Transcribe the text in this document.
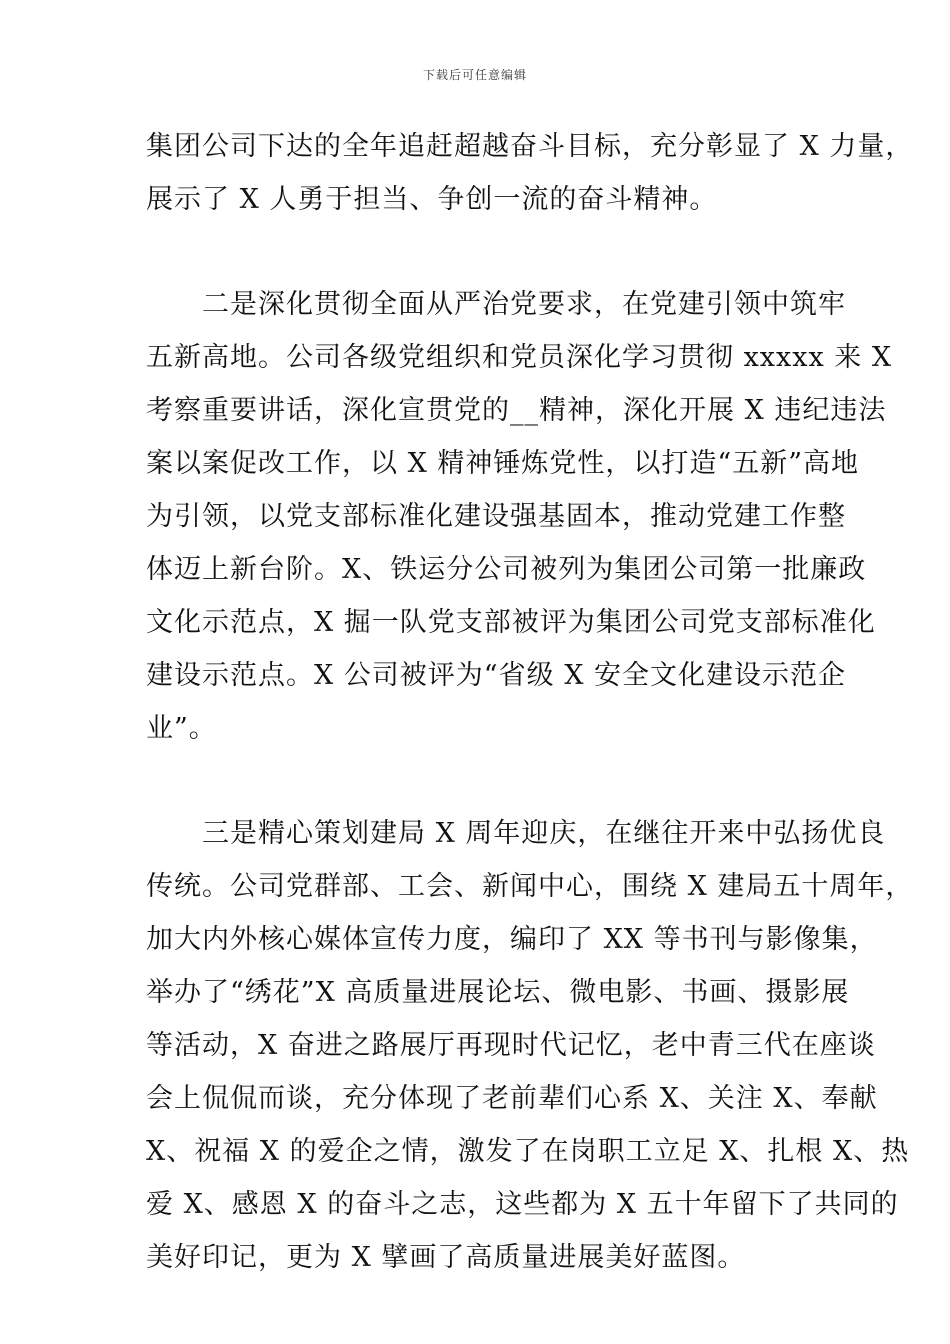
下载后可任意编辑
集团公司下达的全年追赶超越奋斗目标，充分彰显了 X 力量，
展示了 X 人勇于担当、争创一流的奋斗精神。
　　二是深化贯彻全面从严治党要求，在党建引领中筑牢
五新高地。公司各级党组织和党员深化学习贯彻 xxxxx 来 X
考察重要讲话，深化宣贯党的__精神，深化开展 X 违纪违法
案以案促改工作，以 X 精神锤炼党性，以打造“五新”高地
为引领，以党支部标准化建设强基固本，推动党建工作整
体迈上新台阶。X、铁运分公司被列为集团公司第一批廉政
文化示范点，X 掘一队党支部被评为集团公司党支部标准化
建设示范点。X 公司被评为“省级 X 安全文化建设示范企
业”。
　　三是精心策划建局 X 周年迎庆，在继往开来中弘扬优良
传统。公司党群部、工会、新闻中心，围绕 X 建局五十周年，
加大内外核心媒体宣传力度，编印了 XX 等书刊与影像集，
举办了“绣花”X 高质量进展论坛、微电影、书画、摄影展
等活动，X 奋进之路展厅再现时代记忆，老中青三代在座谈
会上侃侃而谈，充分体现了老前辈们心系 X、关注 X、奉献
X、祝福 X 的爱企之情，激发了在岗职工立足 X、扎根 X、热
爱 X、感恩 X 的奋斗之志，这些都为 X 五十年留下了共同的
美好印记，更为 X 擘画了高质量进展美好蓝图。
